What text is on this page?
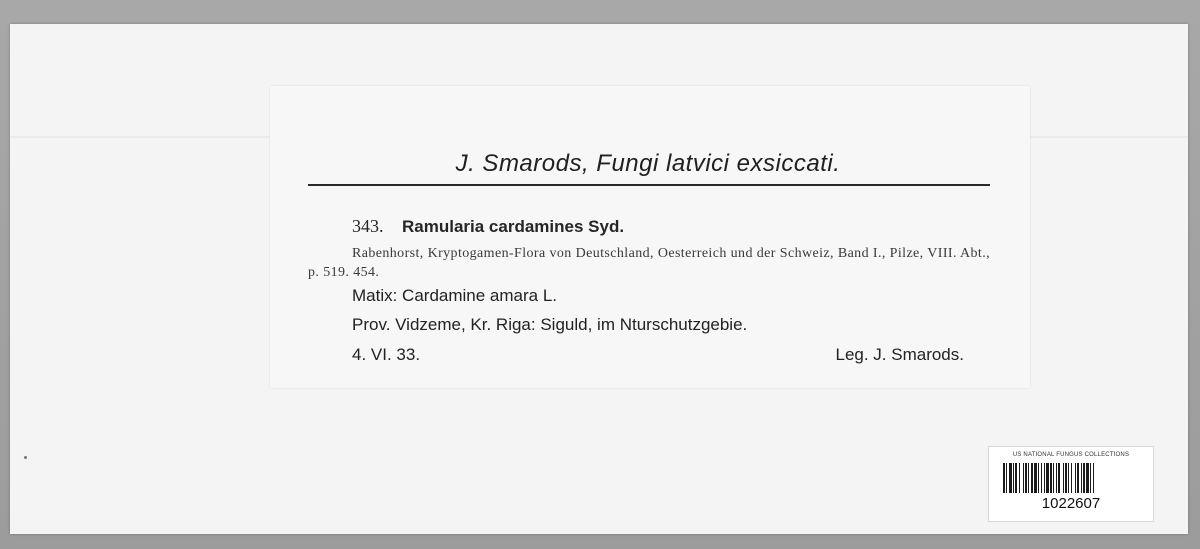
J. Smarods, Fungi latvici exsiccati.
343. Ramularia cardamines Syd.
Rabenhorst, Kryptogamen-Flora von Deutschland, Oesterreich und der Schweiz, Band I., Pilze, VIII. Abt., p. 519. 454.
Matix: Cardamine amara L.
Prov. Vidzeme, Kr. Riga: Siguld⁠, im N⁠turschutzgebie⁠.
4. VI. 33.	Leg. J. Smarods.
US NATIONAL FUNGUS COLLECTIONS
1022607
